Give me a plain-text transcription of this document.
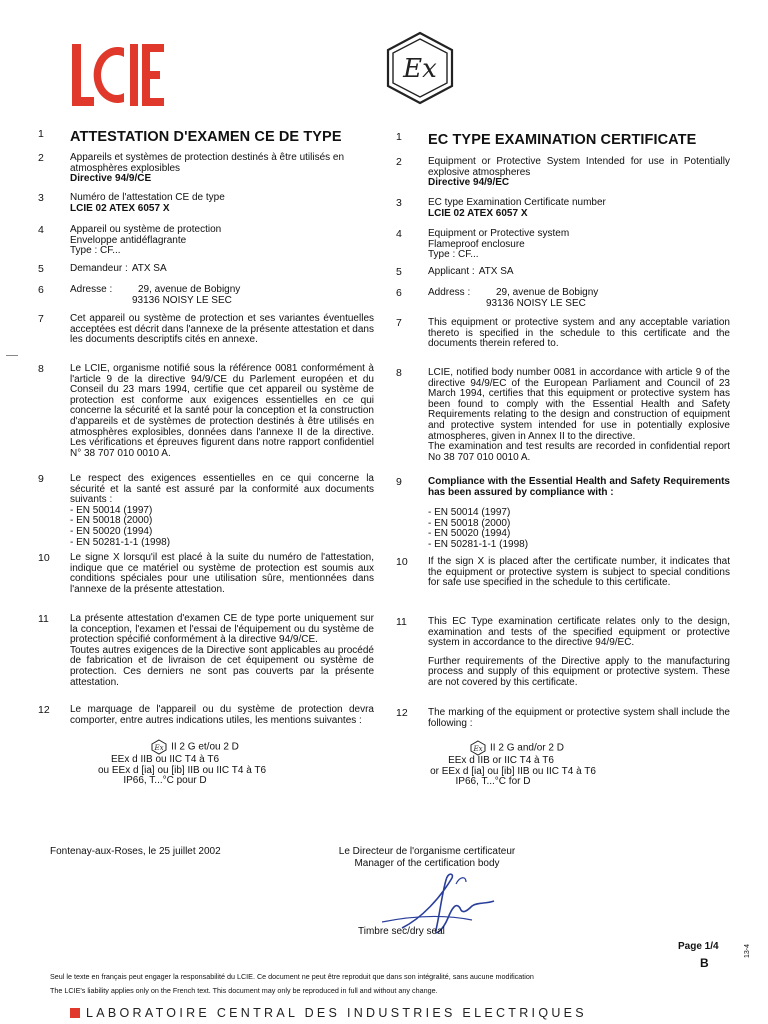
Ex
1	ATTESTATION D'EXAMEN CE DE TYPE
2	Appareils et systèmes de protection destinés à être utilisés en atmosphères explosibles

Directive 94/9/CE

3	Numéro de l'attestation CE de type

LCIE 02 ATEX 6057 X

4	Appareil ou système de protection

Enveloppe antidéflagrante

Type : CF...

5	Demandeur : ATX SA
6	Adresse :	29, avenue de Bobigny
93136 NOISY LE SEC
7	Cet appareil ou système de protection et ses variantes éventuelles acceptées est décrit dans l'annexe de la présente attestation et dans les documents descriptifs cités en annexe.
8	Le LCIE, organisme notifié sous la référence 0081 conformément à l'article 9 de la directive 94/9/CE du Parlement européen et du Conseil du 23 mars 1994, certifie que cet appareil ou système de protection est conforme aux exigences essentielles en ce qui concerne la sécurité et la santé pour la conception et la construction d'appareils et de systèmes de protection destinés à être utilisés en atmosphères explosibles, données dans l'annexe II de la directive. Les vérifications et épreuves figurent dans notre rapport confidentiel N° 38 707 010 0010 A.
9	Le respect des exigences essentielles en ce qui concerne la sécurité et la santé est assuré par la conformité aux documents suivants :

- EN 50014 (1997)
- EN 50018 (2000)
- EN 50020 (1994)
- EN 50281-1-1 (1998)
10	Le signe X lorsqu'il est placé à la suite du numéro de l'attestation, indique que ce matériel ou système de protection est soumis aux conditions spéciales pour une utilisation sûre, mentionnées dans l'annexe de la présente attestation.
11	La présente attestation d'examen CE de type porte uniquement sur la conception, l'examen et l'essai de l'équipement ou du système de protection spécifié conformément à la directive 94/9/CE.

Toutes autres exigences de la Directive sont applicables au procédé de fabrication et de livraison de cet équipement ou système de protection. Ces derniers ne sont pas couverts par la présente attestation.

12	Le marquage de l'appareil ou du système de protection devra comporter, entre autres indications utiles, les mentions suivantes :
Ex II 2 G et/ou 2 D
EEx d IIB ou IIC T4 à T6
ou EEx d [ia] ou [ib] IIB ou IIC T4 à T6
IP66, T...°C pour D
1	EC TYPE EXAMINATION CERTIFICATE
2	Equipment or Protective System Intended for use in Potentially explosive atmospheres

Directive 94/9/EC

3	EC type Examination Certificate number

LCIE 02 ATEX 6057 X

4	Equipment or Protective system

Flameproof enclosure

Type : CF...

5	Applicant : ATX SA
6	Address :	29, avenue de Bobigny
93136 NOISY LE SEC
7	This equipment or protective system and any acceptable variation thereto is specified in the schedule to this certificate and the documents therein refered to.
8	LCIE, notified body number 0081 in accordance with article 9 of the directive 94/9/EC of the European Parliament and Council of 23 March 1994, certifies that this equipment or protective system has been found to comply with the Essential Health and Safety Requirements relating to the design and construction of equipment and protective system intended for use in potentially explosive atmospheres, given in Annex II to the directive.

The examination and test results are recorded in confidential report No 38 707 010 0010 A.

9	Compliance with the Essential Health and Safety Requirements has been assured by compliance with :

- EN 50014 (1997)
- EN 50018 (2000)
- EN 50020 (1994)
- EN 50281-1-1 (1998)
10	If the sign X is placed after the certificate number, it indicates that the equipment or protective system is subject to special conditions for safe use specified in the schedule to this certificate.
11	This EC Type examination certificate relates only to the design, examination and tests of the specified equipment or protective system in accordance to the directive 94/9/EC.

Further requirements of the Directive apply to the manufacturing process and supply of this equipment or protective system. These are not covered by this certificate.

12	The marking of the equipment or protective system shall include the following :
Ex II 2 G and/or 2 D
EEx d IIB or IIC T4 à T6
or EEx d [ia] ou [ib] IIB ou IIC T4 à T6
IP66, T...°C for D
Fontenay-aux-Roses, le 25 juillet 2002	Le Directeur de l'organisme certificateur
Manager of the certification body
Timbre sec/dry seal
Page 1/4
B
13-4
Seul le texte en français peut engager la responsabilité du LCIE. Ce document ne peut être reproduit que dans son intégralité, sans aucune modification
The LCIE's liability applies only on the French text. This document may only be reproduced in full and without any change.
LABORATOIRE CENTRAL DES INDUSTRIES ELECTRIQUES
